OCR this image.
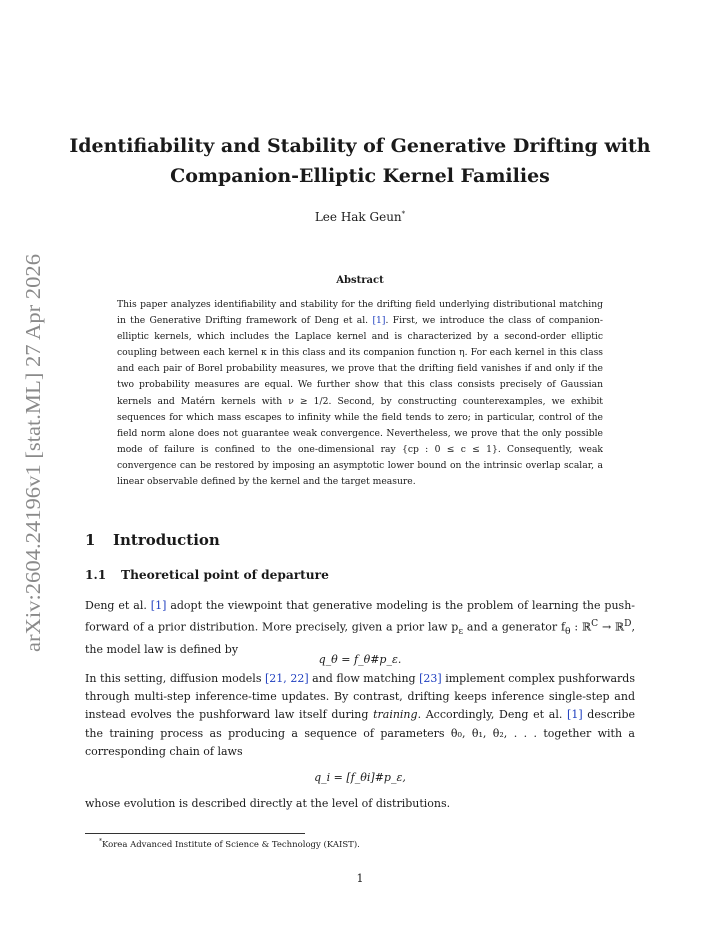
arXiv:2604.24196v1 [stat.ML] 27 Apr 2026
Identifiability and Stability of Generative Drifting with
Companion-Elliptic Kernel Families
Lee Hak Geun*
Abstract

This paper analyzes identifiability and stability for the drifting field underlying distributional matching in the Generative Drifting framework of Deng et al. [1]. First, we introduce the class of companion-elliptic kernels, which includes the Laplace kernel and is characterized by a second-order elliptic coupling between each kernel κ in this class and its companion function η. For each kernel in this class and each pair of Borel probability measures, we prove that the drifting field vanishes if and only if the two probability measures are equal. We further show that this class consists precisely of Gaussian kernels and Matérn kernels with ν ≥ 1/2. Second, by constructing counterexamples, we exhibit sequences for which mass escapes to infinity while the field tends to zero; in particular, control of the field norm alone does not guarantee weak convergence. Nevertheless, we prove that the only possible mode of failure is confined to the one-dimensional ray {cp : 0 ≤ c ≤ 1}. Consequently, weak convergence can be restored by imposing an asymptotic lower bound on the intrinsic overlap scalar, a linear observable defined by the kernel and the target measure.

1 Introduction
1.1 Theoretical point of departure

Deng et al. [1] adopt the viewpoint that generative modeling is the problem of learning the push-forward of a prior distribution. More precisely, given a prior law $p_\varepsilon$ and a generator $f_\theta$ : ℝ$^C$ → ℝ$^D$, the model law is defined by

q_θ = f_θ#p_ε.

In this setting, diffusion models [21, 22] and flow matching [23] implement complex pushforwards through multi-step inference-time updates. By contrast, drifting keeps inference single-step and instead evolves the pushforward law itself during training. Accordingly, Deng et al. [1] describe the training process as producing a sequence of parameters θ₀, θ₁, θ₂, . . . together with a corresponding chain of laws

q_i = [f_θi]#p_ε,

whose evolution is described directly at the level of distributions.

*Korea Advanced Institute of Science & Technology (KAIST).
1
